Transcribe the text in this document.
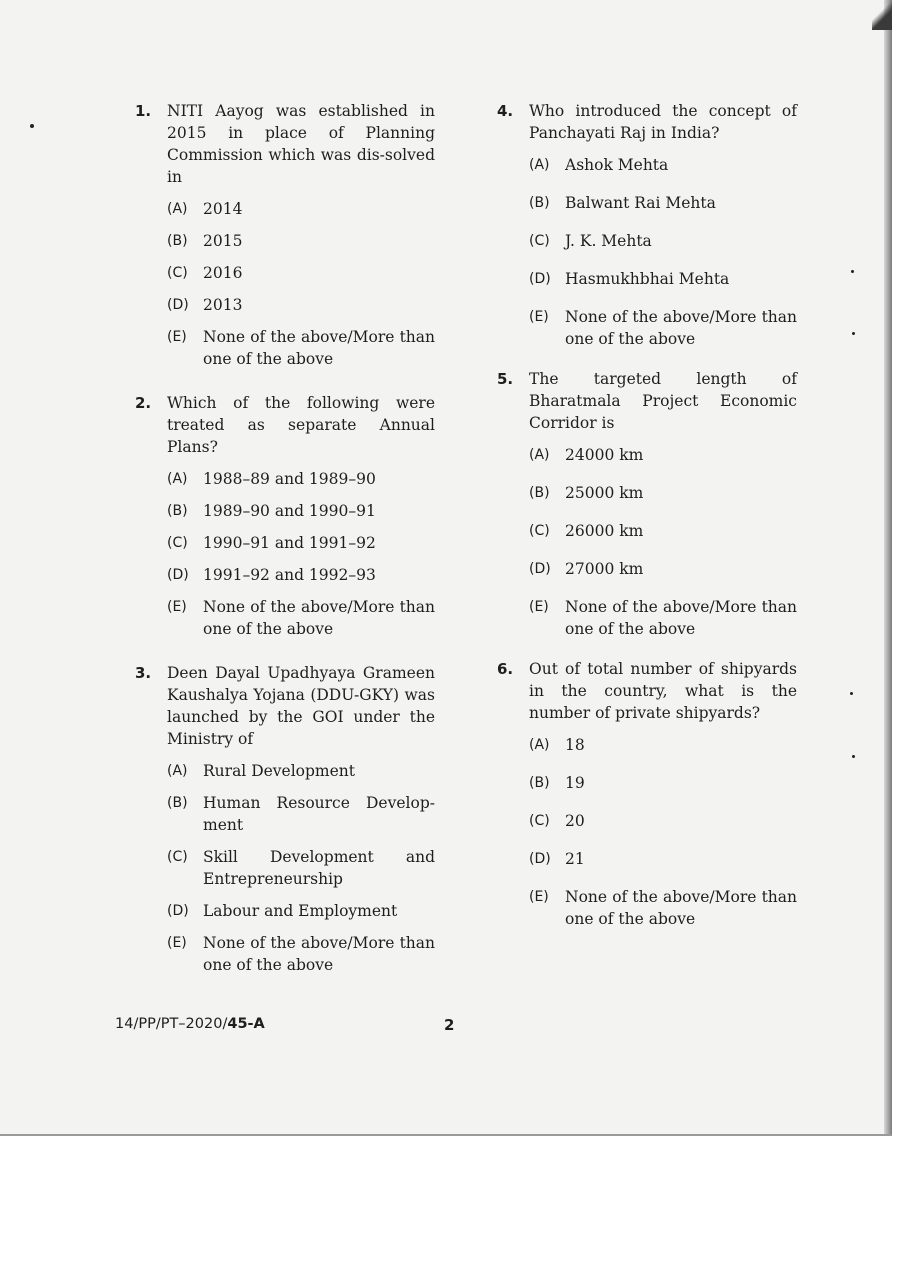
1. NITI Aayog was established in 2015 in place of Planning Commission which was dis-solved in
(A) 2014
(B) 2015
(C) 2016
(D) 2013
(E) None of the above/More than one of the above
2. Which of the following were treated as separate Annual Plans?
(A) 1988–89 and 1989–90
(B) 1989–90 and 1990–91
(C) 1990–91 and 1991–92
(D) 1991–92 and 1992–93
(E) None of the above/More than one of the above
3. Deen Dayal Upadhyaya Grameen Kaushalya Yojana (DDU-GKY) was launched by the GOI under the Ministry of
(A) Rural Development
(B) Human Resource Develop-ment
(C) Skill Development and Entrepreneurship
(D) Labour and Employment
(E) None of the above/More than one of the above
4. Who introduced the concept of Panchayati Raj in India?
(A) Ashok Mehta
(B) Balwant Rai Mehta
(C) J. K. Mehta
(D) Hasmukhbhai Mehta
(E) None of the above/More than one of the above
5. The targeted length of Bharatmala Project Economic Corridor is
(A) 24000 km
(B) 25000 km
(C) 26000 km
(D) 27000 km
(E) None of the above/More than one of the above
6. Out of total number of shipyards in the country, what is the number of private shipyards?
(A) 18
(B) 19
(C) 20
(D) 21
(E) None of the above/More than one of the above
14/PP/PT–2020/45-A	2
